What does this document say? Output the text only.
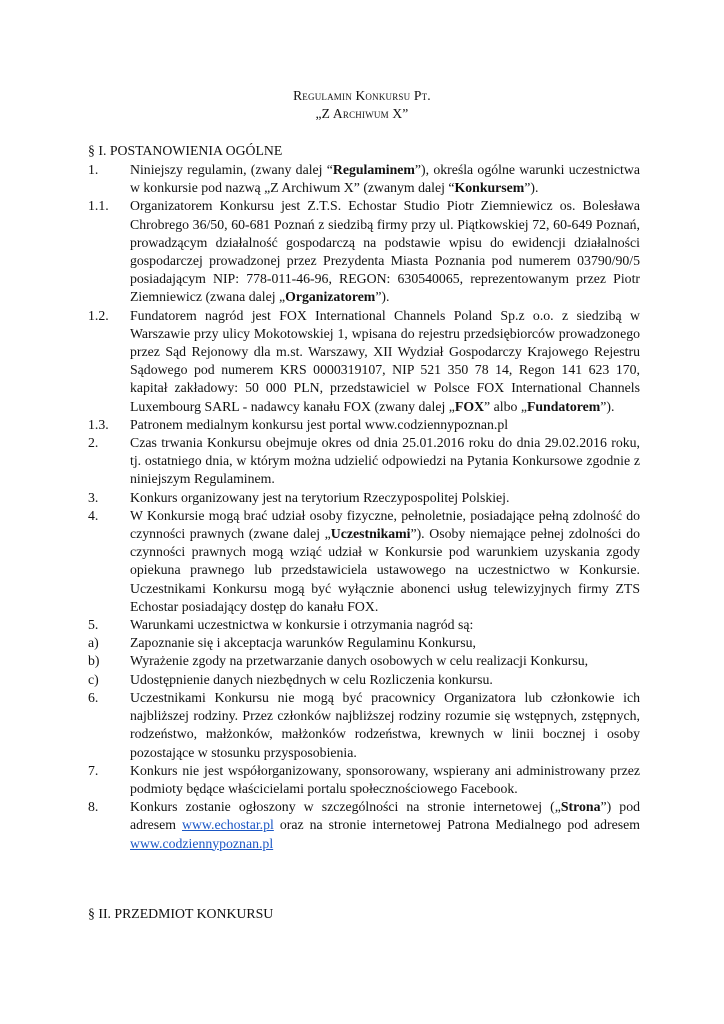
Regulamin Konkursu Pt.
„Z Archiwum X”
§ I. POSTANOWIENIA OGÓLNE
1.	Niniejszy regulamin, (zwany dalej “Regulaminem”), określa ogólne warunki uczestnictwa w konkursie pod nazwą „Z Archiwum X” (zwanym dalej “Konkursem”).
1.1.	Organizatorem Konkursu jest Z.T.S. Echostar Studio Piotr Ziemniewicz os. Bolesława Chrobrego 36/50, 60-681 Poznań z siedzibą firmy przy ul. Piątkowskiej 72, 60-649 Poznań, prowadzącym działalność gospodarczą na podstawie wpisu do ewidencji działalności gospodarczej prowadzonej przez Prezydenta Miasta Poznania pod numerem 03790/90/5 posiadającym NIP: 778-011-46-96, REGON: 630540065, reprezentowanym przez Piotr Ziemniewicz (zwana dalej „Organizatorem”).
1.2.	Fundatorem nagród jest FOX International Channels Poland Sp.z o.o. z siedzibą w Warszawie przy ulicy Mokotowskiej 1, wpisana do rejestru przedsiębiorców prowadzonego przez Sąd Rejonowy dla m.st. Warszawy, XII Wydział Gospodarczy Krajowego Rejestru Sądowego pod numerem KRS 0000319107, NIP 521 350 78 14, Regon 141 623 170, kapitał zakładowy: 50 000 PLN, przedstawiciel w Polsce FOX International Channels Luxembourg SARL - nadawcy kanału FOX (zwany dalej „FOX” albo „Fundatorem”).
1.3.	Patronem medialnym konkursu jest portal www.codziennypoznan.pl
2.	Czas trwania Konkursu obejmuje okres od dnia 25.01.2016 roku do dnia 29.02.2016 roku, tj. ostatniego dnia, w którym można udzielić odpowiedzi na Pytania Konkursowe zgodnie z niniejszym Regulaminem.
3.	Konkurs organizowany jest na terytorium Rzeczypospolitej Polskiej.
4.	W Konkursie mogą brać udział osoby fizyczne, pełnoletnie, posiadające pełną zdolność do czynności prawnych (zwane dalej „Uczestnikami”). Osoby niemające pełnej zdolności do czynności prawnych mogą wziąć udział w Konkursie pod warunkiem uzyskania zgody opiekuna prawnego lub przedstawiciela ustawowego na uczestnictwo w Konkursie. Uczestnikami Konkursu mogą być wyłącznie abonenci usług telewizyjnych firmy ZTS Echostar posiadający dostęp do kanału FOX.
5.	Warunkami uczestnictwa w konkursie i otrzymania nagród są:
a)	Zapoznanie się i akceptacja warunków Regulaminu Konkursu,
b)	Wyrażenie zgody na przetwarzanie danych osobowych w celu realizacji Konkursu,
c)	Udostępnienie danych niezbędnych w celu Rozliczenia konkursu.
6.	Uczestnikami Konkursu nie mogą być pracownicy Organizatora lub członkowie ich najbliższej rodziny. Przez członków najbliższej rodziny rozumie się wstępnych, zstępnych, rodzeństwo, małżonków, małżonków rodzeństwa, krewnych w linii bocznej i osoby pozostające w stosunku przysposobienia.
7.	Konkurs nie jest współorganizowany, sponsorowany, wspierany ani administrowany przez podmioty będące właścicielami portalu społecznościowego Facebook.
8.	Konkurs zostanie ogłoszony w szczególności na stronie internetowej („Strona”) pod adresem www.echostar.pl oraz na stronie internetowej Patrona Medialnego pod adresem www.codziennypoznan.pl
§ II. PRZEDMIOT KONKURSU
